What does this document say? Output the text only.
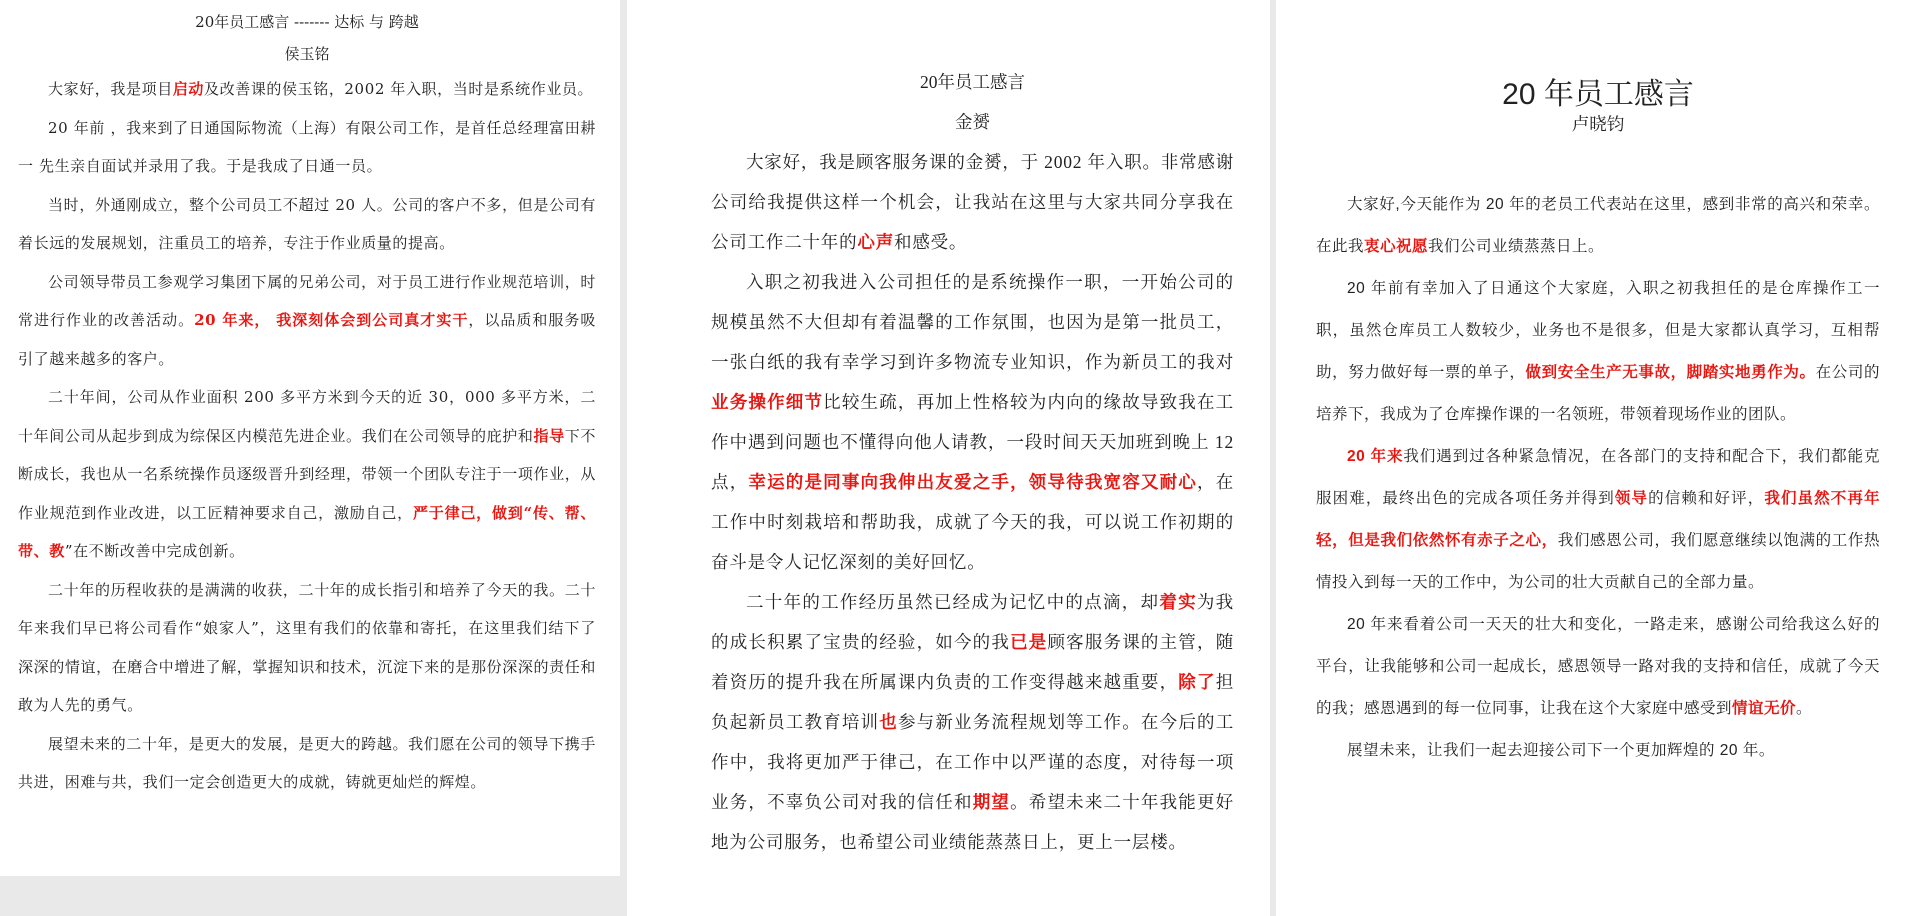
20年员工感言 ------- 达标 与 跨越

侯玉铭

大家好，我是项目启动及改善课的侯玉铭，2002 年入职，当时是系统作业员。

20 年前 ，我来到了日通国际物流（上海）有限公司工作，是首任总经理富田耕一 先生亲自面试并录用了我。于是我成了日通一员。

当时，外通刚成立，整个公司员工不超过 20 人。公司的客户不多，但是公司有着长远的发展规划，注重员工的培养，专注于作业质量的提高。

公司领导带员工参观学习集团下属的兄弟公司，对于员工进行作业规范培训，时常进行作业的改善活动。20 年来， 我深刻体会到公司真才实干，以品质和服务吸引了越来越多的客户。

二十年间，公司从作业面积 200 多平方米到今天的近 30，000 多平方米，二十年间公司从起步到成为综保区内模范先进企业。我们在公司领导的庇护和指导下不断成长，我也从一名系统操作员逐级晋升到经理，带领一个团队专注于一项作业，从作业规范到作业改进，以工匠精神要求自己，激励自己，严于律己，做到“传、帮、带、教”在不断改善中完成创新。

二十年的历程收获的是满满的收获，二十年的成长指引和培养了今天的我。二十年来我们早已将公司看作“娘家人”，这里有我们的依靠和寄托，在这里我们结下了深深的情谊，在磨合中增进了解，掌握知识和技术，沉淀下来的是那份深深的责任和敢为人先的勇气。

展望未来的二十年，是更大的发展，是更大的跨越。我们愿在公司的领导下携手共进，困难与共，我们一定会创造更大的成就，铸就更灿烂的辉煌。

20年员工感言

金赟

大家好，我是顾客服务课的金赟，于 2002 年入职。非常感谢公司给我提供这样一个机会，让我站在这里与大家共同分享我在公司工作二十年的心声和感受。

入职之初我进入公司担任的是系统操作一职，一开始公司的规模虽然不大但却有着温馨的工作氛围，也因为是第一批员工，一张白纸的我有幸学习到许多物流专业知识，作为新员工的我对业务操作细节比较生疏，再加上性格较为内向的缘故导致我在工作中遇到问题也不懂得向他人请教，一段时间天天加班到晚上 12 点，幸运的是同事向我伸出友爱之手，领导待我宽容又耐心，在工作中时刻栽培和帮助我，成就了今天的我，可以说工作初期的奋斗是令人记忆深刻的美好回忆。

二十年的工作经历虽然已经成为记忆中的点滴，却着实为我的成长积累了宝贵的经验，如今的我已是顾客服务课的主管，随着资历的提升我在所属课内负责的工作变得越来越重要，除了担负起新员工教育培训也参与新业务流程规划等工作。在今后的工作中，我将更加严于律己，在工作中以严谨的态度，对待每一项业务，不辜负公司对我的信任和期望。希望未来二十年我能更好地为公司服务，也希望公司业绩能蒸蒸日上，更上一层楼。

20 年员工感言

卢晓钧

大家好,今天能作为 20 年的老员工代表站在这里，感到非常的高兴和荣幸。在此我衷心祝愿我们公司业绩蒸蒸日上。

20 年前有幸加入了日通这个大家庭，入职之初我担任的是仓库操作工一职，虽然仓库员工人数较少，业务也不是很多，但是大家都认真学习，互相帮助，努力做好每一票的单子，做到安全生产无事故，脚踏实地勇作为。在公司的培养下，我成为了仓库操作课的一名领班，带领着现场作业的团队。

20 年来我们遇到过各种紧急情况，在各部门的支持和配合下，我们都能克服困难，最终出色的完成各项任务并得到领导的信赖和好评，我们虽然不再年轻，但是我们依然怀有赤子之心，我们感恩公司，我们愿意继续以饱满的工作热情投入到每一天的工作中，为公司的壮大贡献自己的全部力量。

20 年来看着公司一天天的壮大和变化，一路走来，感谢公司给我这么好的平台，让我能够和公司一起成长，感恩领导一路对我的支持和信任，成就了今天的我；感恩遇到的每一位同事，让我在这个大家庭中感受到情谊无价。

展望未来，让我们一起去迎接公司下一个更加辉煌的 20 年。
